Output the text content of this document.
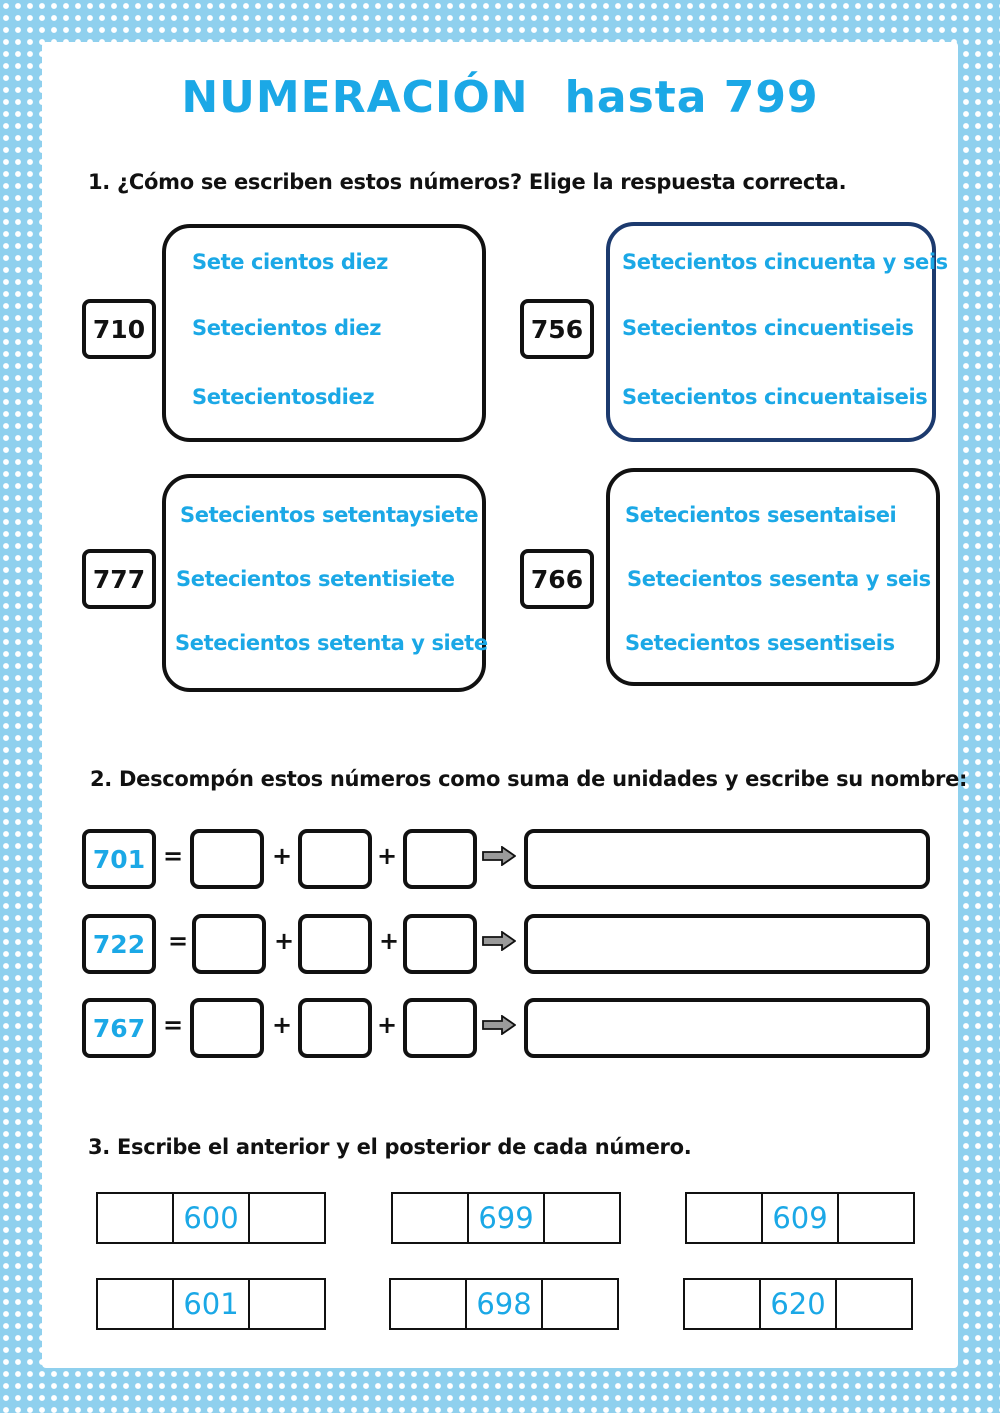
NUMERACIÓN hasta 799
1. ¿Cómo se escriben estos números? Elige la respuesta correcta.
710
Sete cientos diez
Setecientos diez
Setecientosdiez
756
Setecientos cincuenta y seis
Setecientos cincuentiseis
Setecientos cincuentaiseis
777
Setecientos setentaysiete
Setecientos setentisiete
Setecientos setenta y siete
766
Setecientos sesentaisei
Setecientos sesenta y seis
Setecientos sesentiseis
2. Descompón estos números como suma de unidades y escribe su nombre:
701 =	+	+
722 =	+	+
767 =	+	+
3. Escribe el anterior y el posterior de cada número.
600	699	609
601	698	620
